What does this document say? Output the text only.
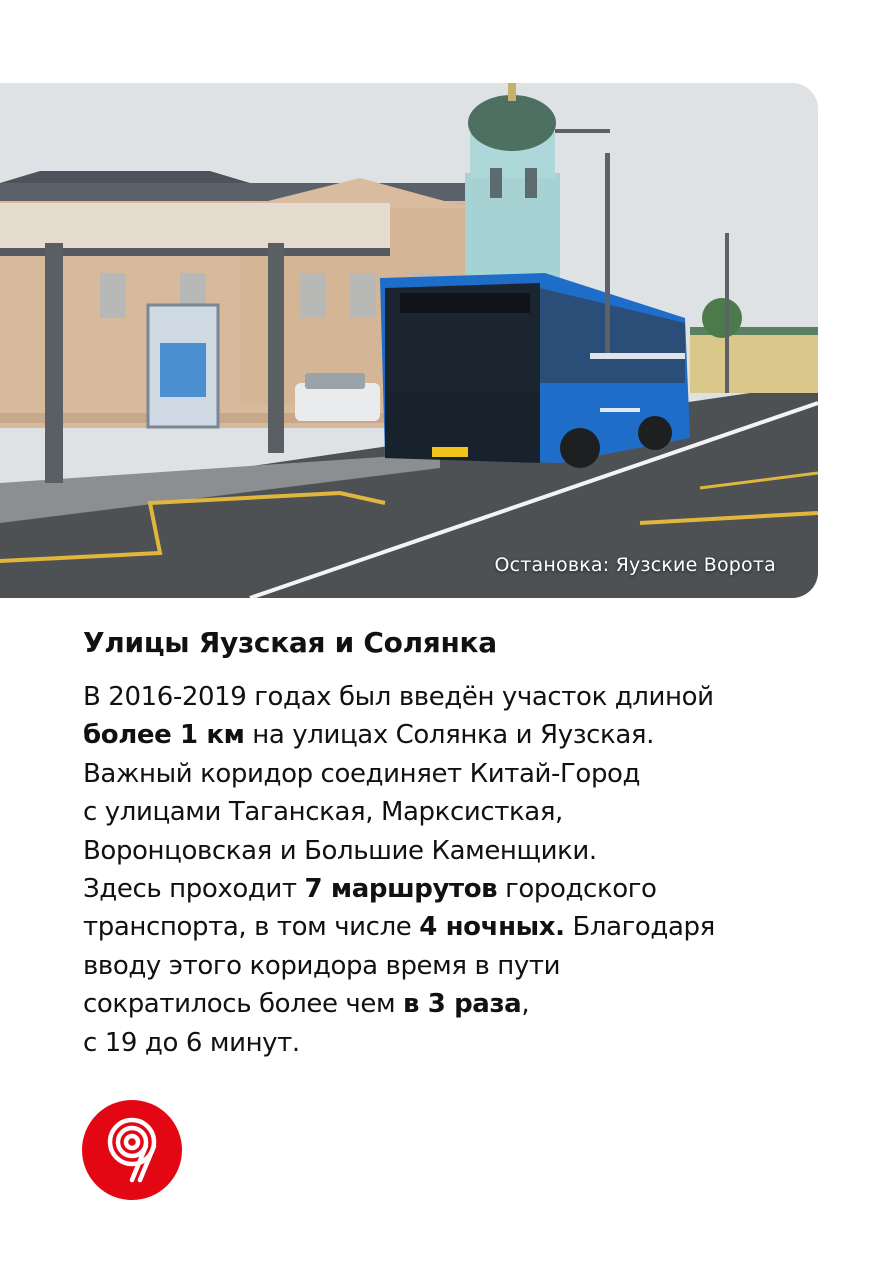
Остановка: Яузские Ворота
Улицы Яузская и Солянка
В 2016-2019 годах был введён участок длиной
более 1 км на улицах Солянка и Яузская.
Важный коридор соединяет Китай-Город
с улицами Таганская, Марксисткая,
Воронцовская и Большие Каменщики.
Здесь проходит 7 маршрутов городского
транспорта, в том числе 4 ночных. Благодаря
вводу этого коридора время в пути
сократилось более чем в 3 раза,
с 19 до 6 минут.
